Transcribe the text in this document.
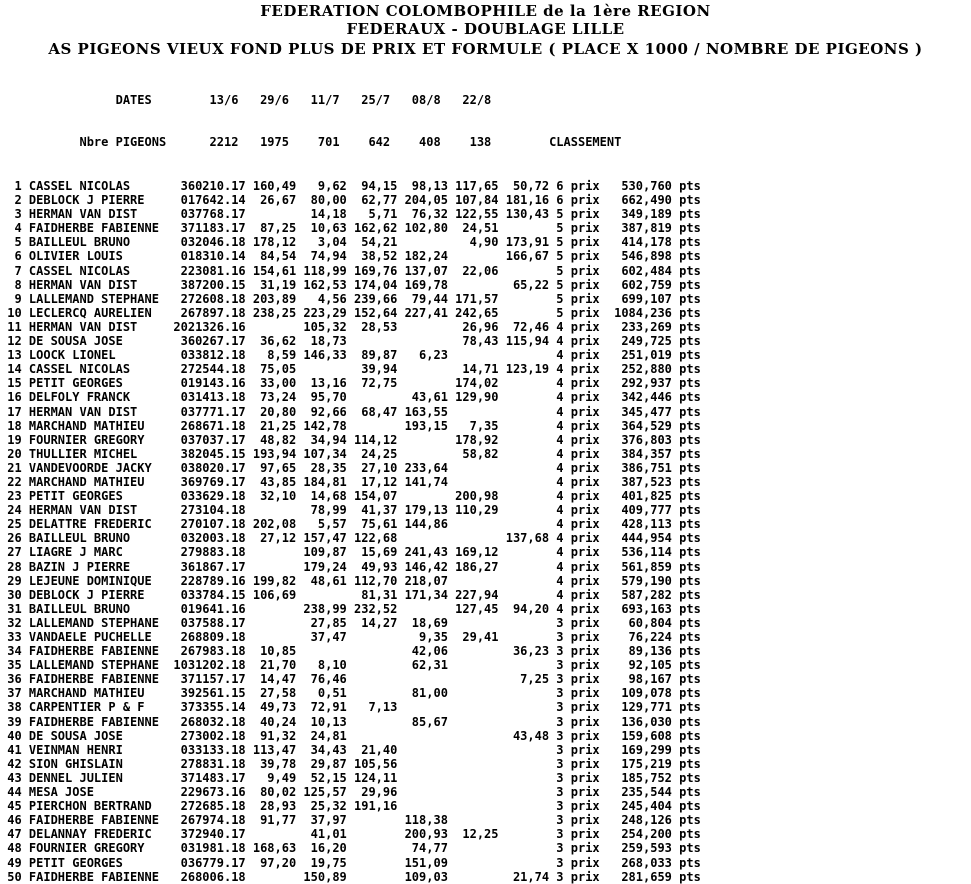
FEDERATION COLOMBOPHILE de la 1ère REGION
FEDERAUX - DOUBLAGE LILLE
AS PIGEONS VIEUX FOND PLUS DE PRIX ET FORMULE ( PLACE X 1000 / NOMBRE DE PIGEONS )

DATES        13/6   29/6   11/7   25/7   08/8   22/8

Nbre PIGEONS      2212   1975    701    642    408    138        CLASSEMENT

1 CASSEL NICOLAS       360210.17 160,49   9,62  94,15  98,13 117,65  50,72 6 prix   530,760 pts
2 DEBLOCK J PIERRE     017642.14  26,67  80,00  62,77 204,05 107,84 181,16 6 prix   662,490 pts
3 HERMAN VAN DIST      037768.17         14,18   5,71  76,32 122,55 130,43 5 prix   349,189 pts
4 FAIDHERBE FABIENNE   371183.17  87,25  10,63 162,62 102,80  24,51        5 prix   387,819 pts
5 BAILLEUL BRUNO       032046.18 178,12   3,04  54,21          4,90 173,91 5 prix   414,178 pts
6 OLIVIER LOUIS        018310.14  84,54  74,94  38,52 182,24        166,67 5 prix   546,898 pts
7 CASSEL NICOLAS       223081.16 154,61 118,99 169,76 137,07  22,06        5 prix   602,484 pts
8 HERMAN VAN DIST      387200.15  31,19 162,53 174,04 169,78         65,22 5 prix   602,759 pts
9 LALLEMAND STEPHANE   272608.18 203,89   4,56 239,66  79,44 171,57        5 prix   699,107 pts
10 LECLERCQ AURELIEN    267897.18 238,25 223,29 152,64 227,41 242,65        5 prix  1084,236 pts
11 HERMAN VAN DIST     2021326.16        105,32  28,53         26,96  72,46 4 prix   233,269 pts
12 DE SOUSA JOSE        360267.17  36,62  18,73                78,43 115,94 4 prix   249,725 pts
13 LOOCK LIONEL         033812.18   8,59 146,33  89,87   6,23               4 prix   251,019 pts
14 CASSEL NICOLAS       272544.18  75,05         39,94         14,71 123,19 4 prix   252,880 pts
15 PETIT GEORGES        019143.16  33,00  13,16  72,75        174,02        4 prix   292,937 pts
16 DELFOLY FRANCK       031413.18  73,24  95,70         43,61 129,90        4 prix   342,446 pts
17 HERMAN VAN DIST      037771.17  20,80  92,66  68,47 163,55               4 prix   345,477 pts
18 MARCHAND MATHIEU     268671.18  21,25 142,78        193,15   7,35        4 prix   364,529 pts
19 FOURNIER GREGORY     037037.17  48,82  34,94 114,12        178,92        4 prix   376,803 pts
20 THULLIER MICHEL      382045.15 193,94 107,34  24,25         58,82        4 prix   384,357 pts
21 VANDEVOORDE JACKY    038020.17  97,65  28,35  27,10 233,64               4 prix   386,751 pts
22 MARCHAND MATHIEU     369769.17  43,85 184,81  17,12 141,74               4 prix   387,523 pts
23 PETIT GEORGES        033629.18  32,10  14,68 154,07        200,98        4 prix   401,825 pts
24 HERMAN VAN DIST      273104.18         78,99  41,37 179,13 110,29        4 prix   409,777 pts
25 DELATTRE FREDERIC    270107.18 202,08   5,57  75,61 144,86               4 prix   428,113 pts
26 BAILLEUL BRUNO       032003.18  27,12 157,47 122,68               137,68 4 prix   444,954 pts
27 LIAGRE J MARC        279883.18        109,87  15,69 241,43 169,12        4 prix   536,114 pts
28 BAZIN J PIERRE       361867.17        179,24  49,93 146,42 186,27        4 prix   561,859 pts
29 LEJEUNE DOMINIQUE    228789.16 199,82  48,61 112,70 218,07               4 prix   579,190 pts
30 DEBLOCK J PIERRE     033784.15 106,69         81,31 171,34 227,94        4 prix   587,282 pts
31 BAILLEUL BRUNO       019641.16        238,99 232,52        127,45  94,20 4 prix   693,163 pts
32 LALLEMAND STEPHANE   037588.17         27,85  14,27  18,69               3 prix    60,804 pts
33 VANDAELE PUCHELLE    268809.18         37,47          9,35  29,41        3 prix    76,224 pts
34 FAIDHERBE FABIENNE   267983.18  10,85                42,06         36,23 3 prix    89,136 pts
35 LALLEMAND STEPHANE  1031202.18  21,70   8,10         62,31               3 prix    92,105 pts
36 FAIDHERBE FABIENNE   371157.17  14,47  76,46                        7,25 3 prix    98,167 pts
37 MARCHAND MATHIEU     392561.15  27,58   0,51         81,00               3 prix   109,078 pts
38 CARPENTIER P & F     373355.14  49,73  72,91   7,13                      3 prix   129,771 pts
39 FAIDHERBE FABIENNE   268032.18  40,24  10,13         85,67               3 prix   136,030 pts
40 DE SOUSA JOSE        273002.18  91,32  24,81                       43,48 3 prix   159,608 pts
41 VEINMAN HENRI        033133.18 113,47  34,43  21,40                      3 prix   169,299 pts
42 SION GHISLAIN        278831.18  39,78  29,87 105,56                      3 prix   175,219 pts
43 DENNEL JULIEN        371483.17   9,49  52,15 124,11                      3 prix   185,752 pts
44 MESA JOSE            229673.16  80,02 125,57  29,96                      3 prix   235,544 pts
45 PIERCHON BERTRAND    272685.18  28,93  25,32 191,16                      3 prix   245,404 pts
46 FAIDHERBE FABIENNE   267974.18  91,77  37,97        118,38               3 prix   248,126 pts
47 DELANNAY FREDERIC    372940.17         41,01        200,93  12,25        3 prix   254,200 pts
48 FOURNIER GREGORY     031981.18 168,63  16,20         74,77               3 prix   259,593 pts
49 PETIT GEORGES        036779.17  97,20  19,75        151,09               3 prix   268,033 pts
50 FAIDHERBE FABIENNE   268006.18        150,89        109,03         21,74 3 prix   281,659 pts
